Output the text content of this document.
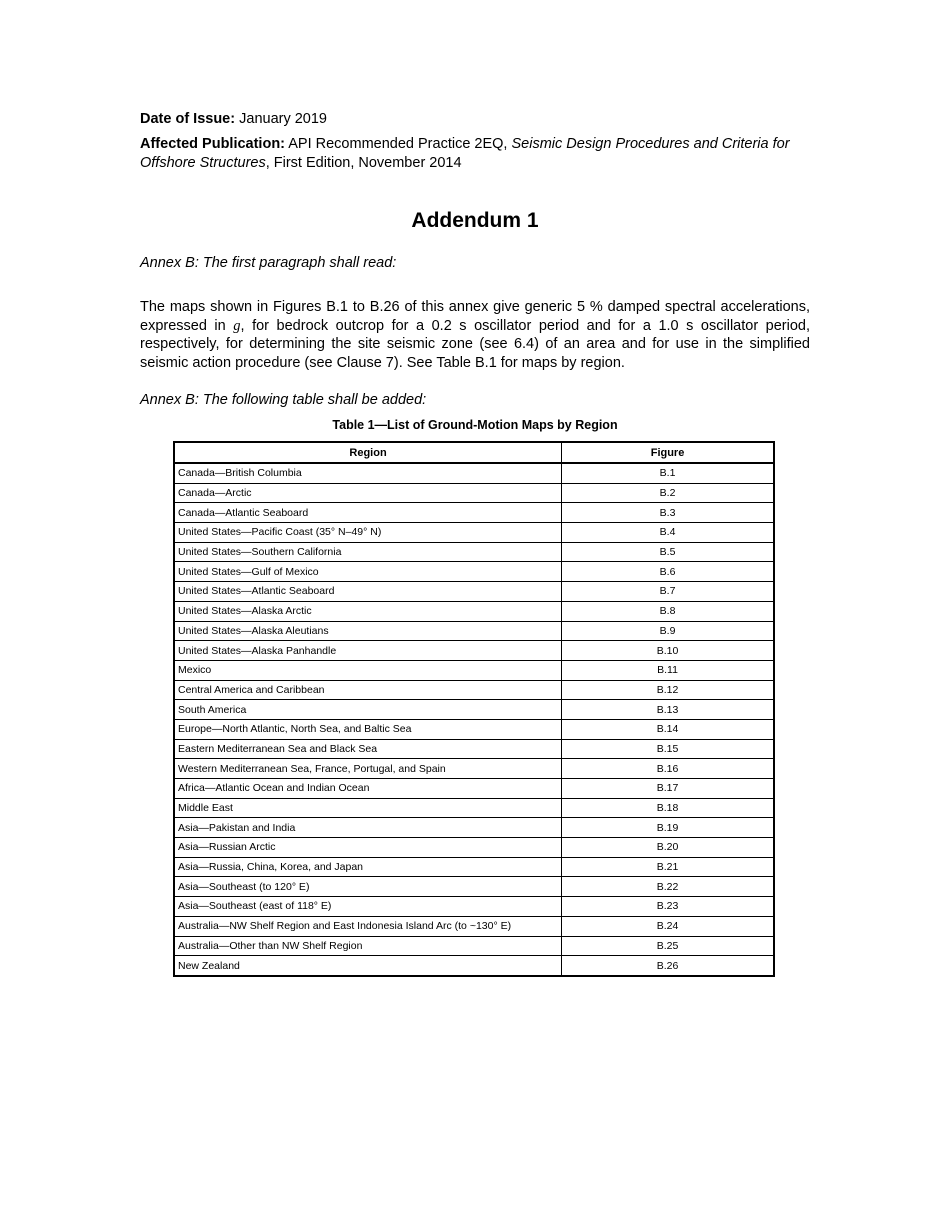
Date of Issue: January 2019

Affected Publication: API Recommended Practice 2EQ, Seismic Design Procedures and Criteria for Offshore Structures, First Edition, November 2014

Addendum 1

Annex B: The first paragraph shall read:

The maps shown in Figures B.1 to B.26 of this annex give generic 5 % damped spectral accelerations, expressed in g, for bedrock outcrop for a 0.2 s oscillator period and for a 1.0 s oscillator period, respectively, for determining the site seismic zone (see 6.4) of an area and for use in the simplified seismic action procedure (see Clause 7). See Table B.1 for maps by region.

Annex B: The following table shall be added:

Table 1—List of Ground-Motion Maps by Region
Region	Figure
Canada—British Columbia	B.1
Canada—Arctic	B.2
Canada—Atlantic Seaboard	B.3
United States—Pacific Coast (35° N–49° N)	B.4
United States—Southern California	B.5
United States—Gulf of Mexico	B.6
United States—Atlantic Seaboard	B.7
United States—Alaska Arctic	B.8
United States—Alaska Aleutians	B.9
United States—Alaska Panhandle	B.10
Mexico	B.11
Central America and Caribbean	B.12
South America	B.13
Europe—North Atlantic, North Sea, and Baltic Sea	B.14
Eastern Mediterranean Sea and Black Sea	B.15
Western Mediterranean Sea, France, Portugal, and Spain	B.16
Africa—Atlantic Ocean and Indian Ocean	B.17
Middle East	B.18
Asia—Pakistan and India	B.19
Asia—Russian Arctic	B.20
Asia—Russia, China, Korea, and Japan	B.21
Asia—Southeast (to 120° E)	B.22
Asia—Southeast (east of 118° E)	B.23
Australia—NW Shelf Region and East Indonesia Island Arc (to ~130° E)	B.24
Australia—Other than NW Shelf Region	B.25
New Zealand	B.26
